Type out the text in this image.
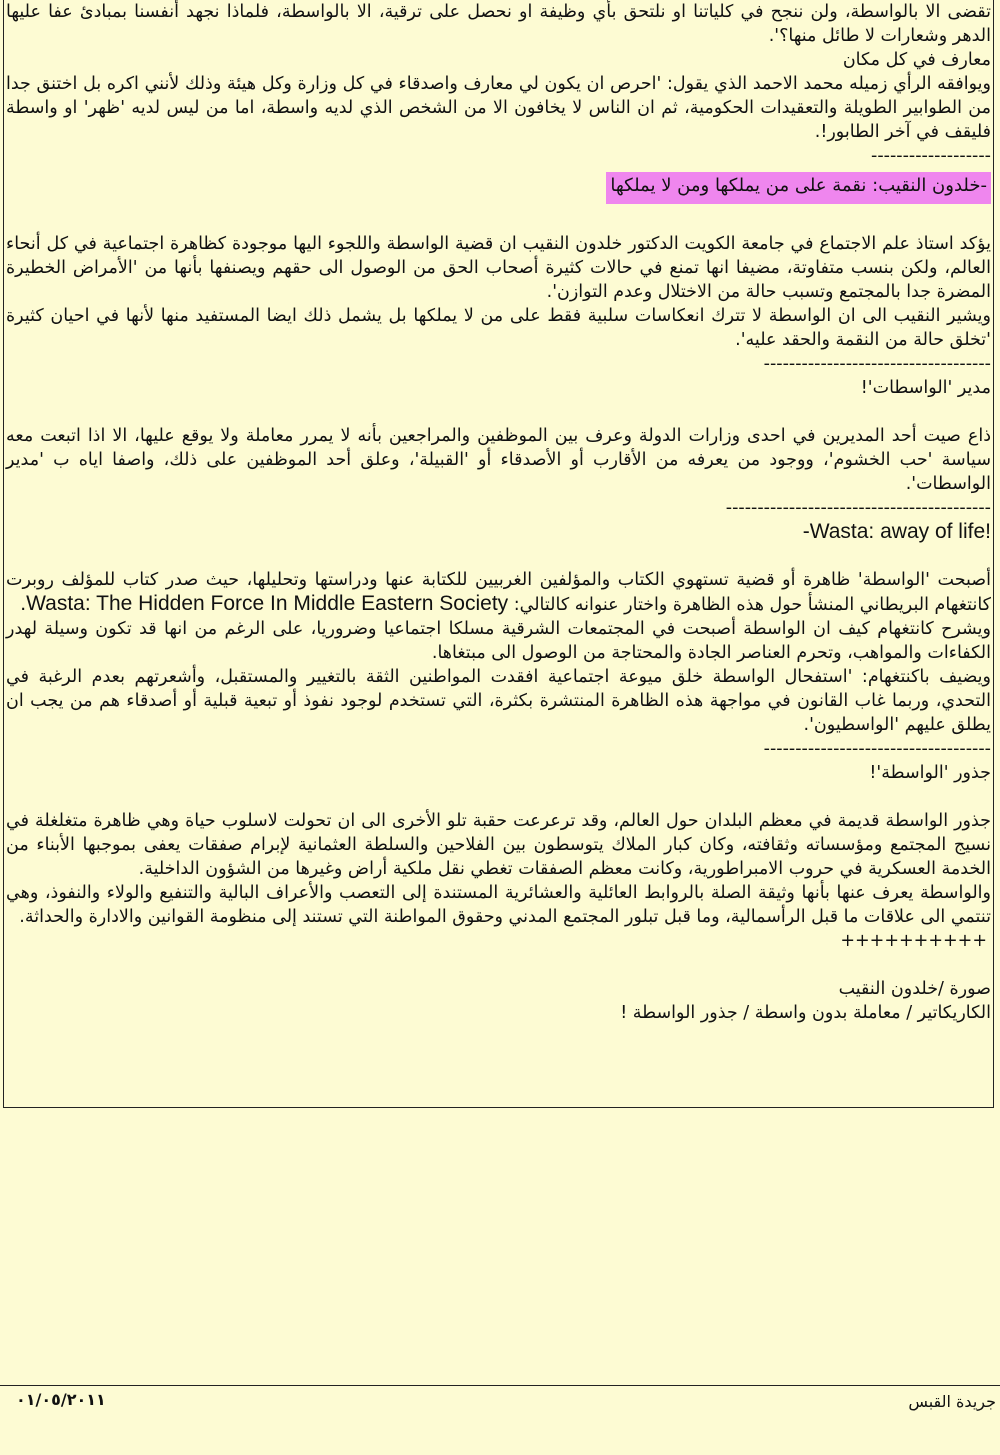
تقضى الا بالواسطة، ولن ننجح في كلياتنا او نلتحق بأي وظيفة او نحصل على ترقية، الا بالواسطة، فلماذا نجهد أنفسنا بمبادئ عفا عليها الدهر وشعارات لا طائل منها؟'.

معارف في كل مكان

ويوافقه الرأي زميله محمد الاحمد الذي يقول: 'احرص ان يكون لي معارف واصدقاء في كل وزارة وكل هيئة وذلك لأنني اكره بل اختنق جدا من الطوابير الطويلة والتعقيدات الحكومية، ثم ان الناس لا يخافون الا من الشخص الذي لديه واسطة، اما من ليس لديه 'ظهر' او واسطة فليقف في آخر الطابور!.

-------------------

-خلدون النقيب: نقمة على من يملكها ومن لا يملكها

يؤكد استاذ علم الاجتماع في جامعة الكويت الدكتور خلدون النقيب ان قضية الواسطة واللجوء اليها موجودة كظاهرة اجتماعية في كل أنحاء العالم، ولكن بنسب متفاوتة، مضيفا انها تمنع في حالات كثيرة أصحاب الحق من الوصول الى حقهم ويصنفها بأنها من 'الأمراض الخطيرة المضرة جدا بالمجتمع وتسبب حالة من الاختلال وعدم التوازن'.

ويشير النقيب الى ان الواسطة لا تترك انعكاسات سلبية فقط على من لا يملكها بل يشمل ذلك ايضا المستفيد منها لأنها في احيان كثيرة 'تخلق حالة من النقمة والحقد عليه'.

------------------------------------

مدير 'الواسطات'!

ذاع صيت أحد المديرين في احدى وزارات الدولة وعرف بين الموظفين والمراجعين بأنه لا يمرر معاملة ولا يوقع عليها، الا اذا اتبعت معه سياسة 'حب الخشوم'، ووجود من يعرفه من الأقارب أو الأصدقاء أو 'القبيلة'، وعلق أحد الموظفين على ذلك، واصفا اياه ب 'مدير الواسطات'.

------------------------------------------

-Wasta: away of life!

أصبحت 'الواسطة' ظاهرة أو قضية تستهوي الكتاب والمؤلفين الغربيين للكتابة عنها ودراستها وتحليلها، حيث صدر كتاب للمؤلف روبرت كانتغهام البريطاني المنشأ حول هذه الظاهرة واختار عنوانه كالتالي: Wasta: The Hidden Force In Middle Eastern Society.

ويشرح كانتغهام كيف ان الواسطة أصبحت في المجتمعات الشرقية مسلكا اجتماعيا وضروريا، على الرغم من انها قد تكون وسيلة لهدر الكفاءات والمواهب، وتحرم العناصر الجادة والمحتاجة من الوصول الى مبتغاها.

ويضيف باكنتغهام: 'استفحال الواسطة خلق ميوعة اجتماعية افقدت المواطنين الثقة بالتغيير والمستقبل، وأشعرتهم بعدم الرغبة في التحدي، وربما غاب القانون في مواجهة هذه الظاهرة المنتشرة بكثرة، التي تستخدم لوجود نفوذ أو تبعية قبلية أو أصدقاء هم من يجب ان يطلق عليهم 'الواسطيون'.

------------------------------------

جذور 'الواسطة'!

جذور الواسطة قديمة في معظم البلدان حول العالم، وقد ترعرعت حقبة تلو الأخرى الى ان تحولت لاسلوب حياة وهي ظاهرة متغلغلة في نسيج المجتمع ومؤسساته وثقافته، وكان كبار الملاك يتوسطون بين الفلاحين والسلطة العثمانية لإبرام صفقات يعفى بموجبها الأبناء من الخدمة العسكرية في حروب الامبراطورية، وكانت معظم الصفقات تغطي نقل ملكية أراض وغيرها من الشؤون الداخلية.

والواسطة يعرف عنها بأنها وثيقة الصلة بالروابط العائلية والعشائرية المستندة إلى التعصب والأعراف البالية والتنفيع والولاء والنفوذ، وهي تنتمي الى علاقات ما قبل الرأسمالية، وما قبل تبلور المجتمع المدني وحقوق المواطنة التي تستند إلى منظومة القوانين والادارة والحداثة.

++++++++++

صورة /خلدون النقيب

الكاريكاتير / معاملة بدون واسطة / جذور الواسطة !

جريدة القبس
٠١/٠٥/٢٠١١
